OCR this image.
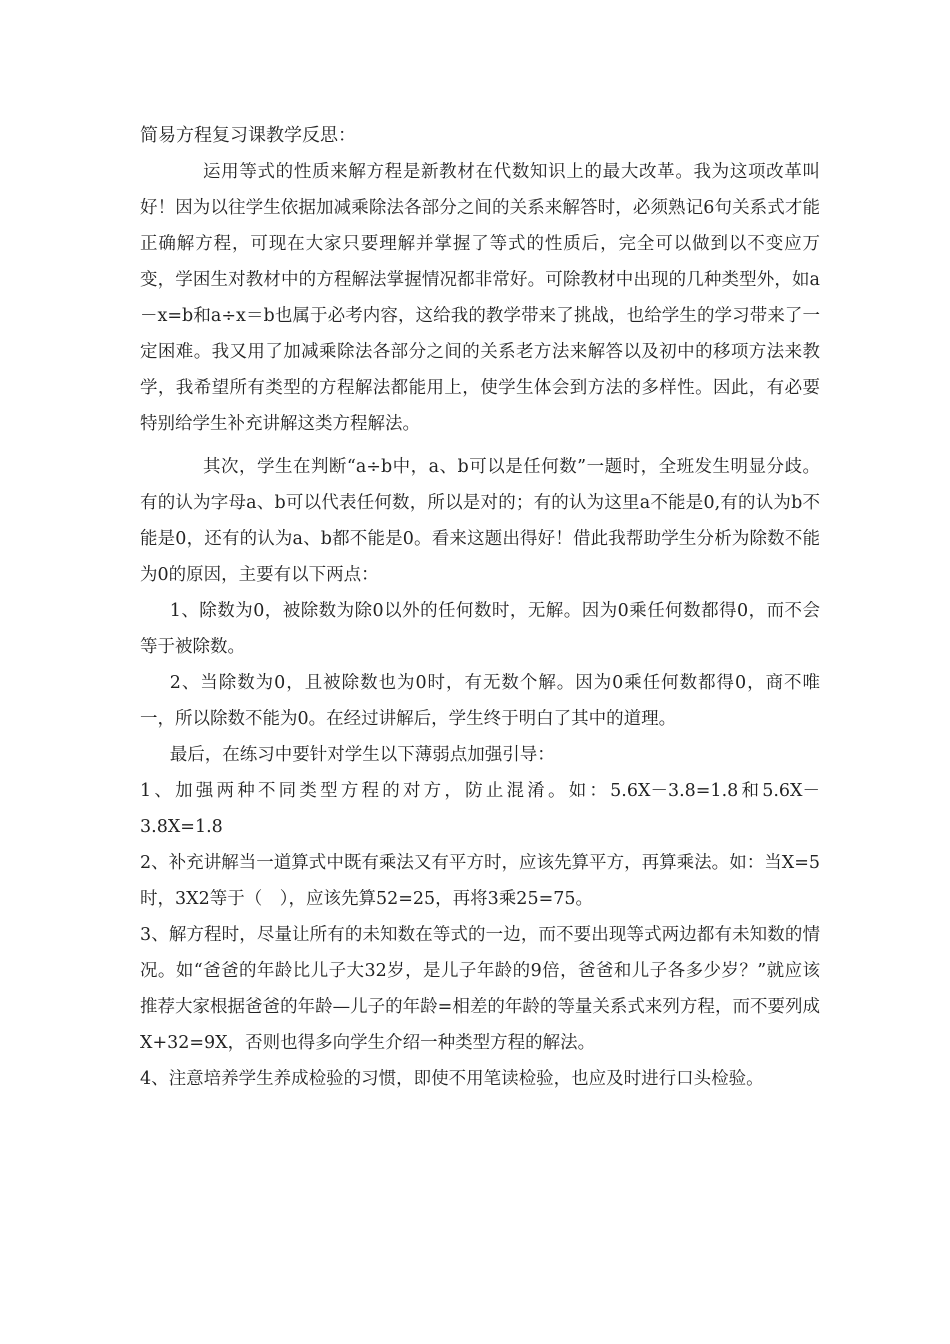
简易方程复习课教学反思：

运用等式的性质来解方程是新教材在代数知识上的最大改革。我为这项改革叫好！因为以往学生依据加减乘除法各部分之间的关系来解答时，必须熟记6句关系式才能正确解方程，可现在大家只要理解并掌握了等式的性质后，完全可以做到以不变应万变，学困生对教材中的方程解法掌握情况都非常好。可除教材中出现的几种类型外，如a－x=b和a÷x＝b也属于必考内容，这给我的教学带来了挑战，也给学生的学习带来了一定困难。我又用了加减乘除法各部分之间的关系老方法来解答以及初中的移项方法来教学，我希望所有类型的方程解法都能用上，使学生体会到方法的多样性。因此，有必要特别给学生补充讲解这类方程解法。

其次，学生在判断“a÷b中，a、b可以是任何数”一题时，全班发生明显分歧。有的认为字母a、b可以代表任何数，所以是对的；有的认为这里a不能是0,有的认为b不能是0，还有的认为a、b都不能是0。看来这题出得好！借此我帮助学生分析为除数不能为0的原因，主要有以下两点：

1、除数为0，被除数为除0以外的任何数时，无解。因为0乘任何数都得0，而不会等于被除数。

2、当除数为0，且被除数也为0时，有无数个解。因为0乘任何数都得0，商不唯一，所以除数不能为0。在经过讲解后，学生终于明白了其中的道理。

最后，在练习中要针对学生以下薄弱点加强引导：

1、加强两种不同类型方程的对方，防止混淆。如：5.6X－3.8=1.8和5.6X－3.8X=1.8

2、补充讲解当一道算式中既有乘法又有平方时，应该先算平方，再算乘法。如：当X=5时，3X2等于（　），应该先算52=25，再将3乘25=75。

3、解方程时，尽量让所有的未知数在等式的一边，而不要出现等式两边都有未知数的情况。如“爸爸的年龄比儿子大32岁，是儿子年龄的9倍，爸爸和儿子各多少岁？”就应该推荐大家根据爸爸的年龄—儿子的年龄=相差的年龄的等量关系式来列方程，而不要列成X+32=9X，否则也得多向学生介绍一种类型方程的解法。

4、注意培养学生养成检验的习惯，即使不用笔读检验，也应及时进行口头检验。
